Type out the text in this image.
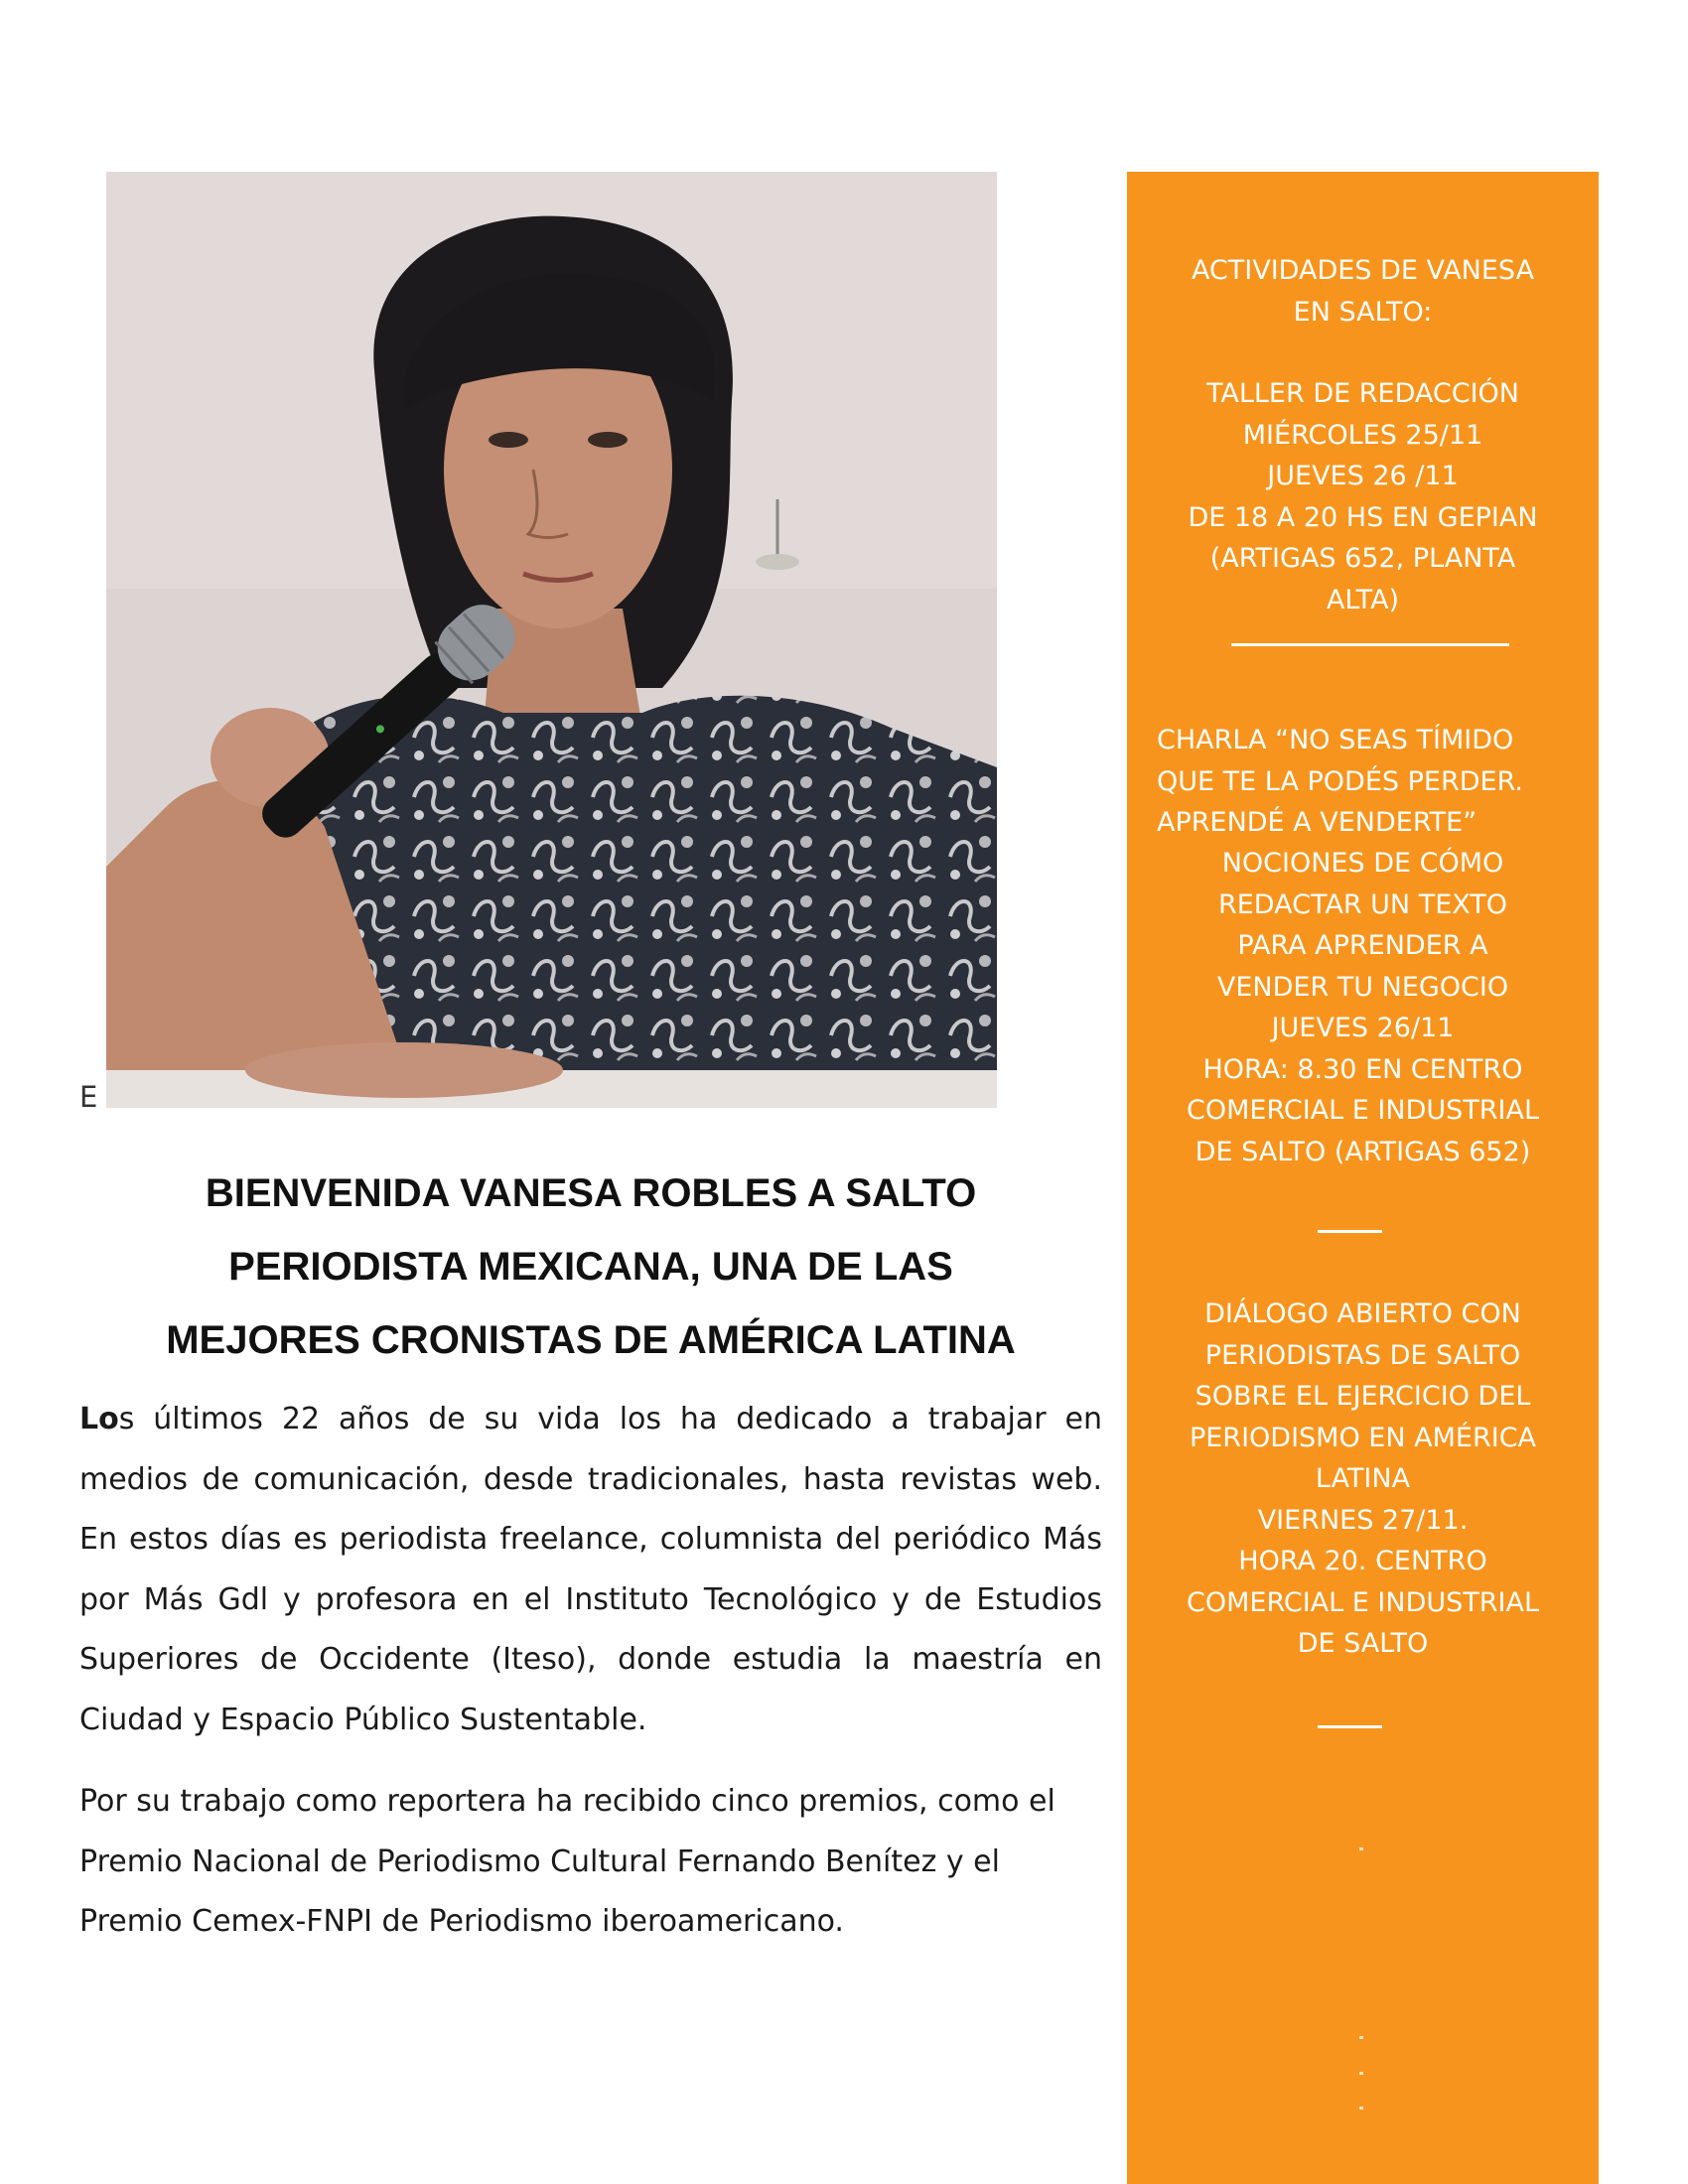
E
BIENVENIDA VANESA ROBLES A SALTO
PERIODISTA MEXICANA, UNA DE LAS
MEJORES CRONISTAS DE AMÉRICA LATINA

Los últimos 22 años de su vida los ha dedicado a trabajar en medios de comunicación, desde tradicionales, hasta revistas web. En estos días es periodista freelance, columnista del periódico Más por Más Gdl y profesora en el Instituto Tecnológico y de Estudios Superiores de Occidente (Iteso), donde estudia la maestría en Ciudad y Espacio Público Sustentable.

Por su trabajo como reportera ha recibido cinco premios, como el Premio Nacional de Periodismo Cultural Fernando Benítez y el Premio Cemex-FNPI de Periodismo iberoamericano.

ACTIVIDADES DE VANESA
EN SALTO:
TALLER DE REDACCIÓN
MIÉRCOLES 25/11
JUEVES 26 /11
DE 18 A 20 HS EN GEPIAN
(ARTIGAS 652, PLANTA
ALTA)
CHARLA “NO SEAS TÍMIDO
QUE TE LA PODÉS PERDER.
APRENDÉ A VENDERTE”
NOCIONES DE CÓMO
REDACTAR UN TEXTO
PARA APRENDER A
VENDER TU NEGOCIO
JUEVES 26/11
HORA: 8.30 EN CENTRO
COMERCIAL E INDUSTRIAL
DE SALTO (ARTIGAS 652)
DIÁLOGO ABIERTO CON
PERIODISTAS DE SALTO
SOBRE EL EJERCICIO DEL
PERIODISMO EN AMÉRICA
LATINA
VIERNES 27/11.
HORA 20. CENTRO
COMERCIAL E INDUSTRIAL
DE SALTO
